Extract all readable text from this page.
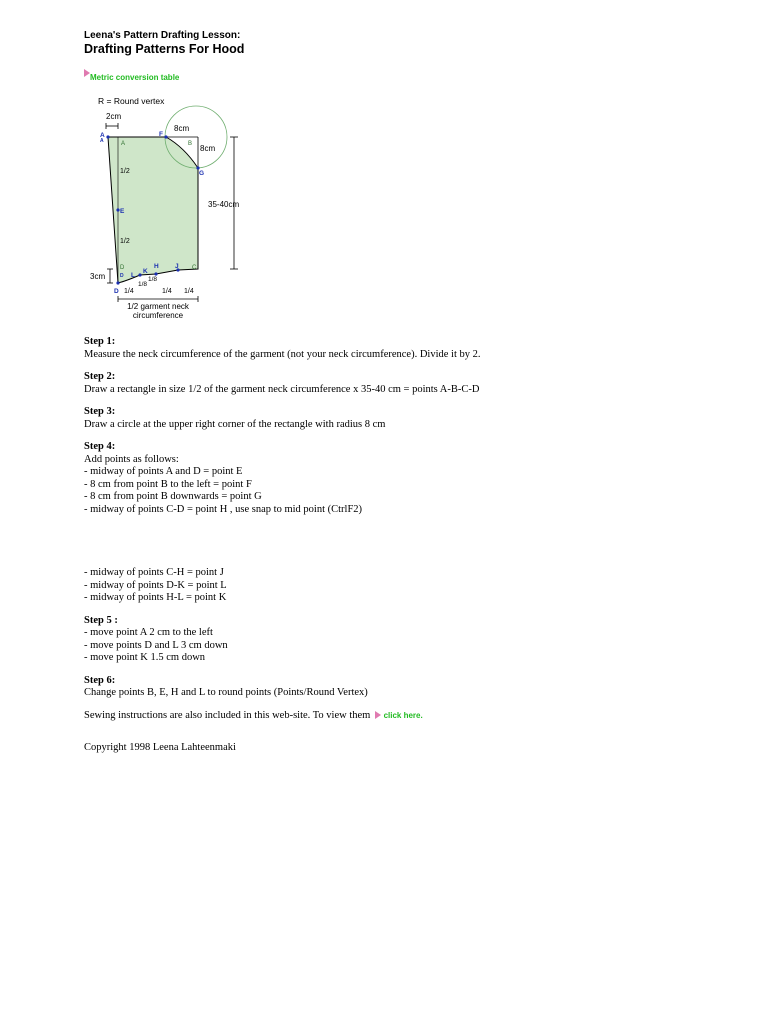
Leena's Pattern Drafting Lesson:

Drafting Patterns For Hood

Metric conversion table
R = Round vertex
2cm
8cm
8cm
35-40cm
3cm
1/2
1/2
1/4	1/4 1/4
1/8
1/8
A
A
F
G
E
J
H
K
L
D
D
A	B
D	C
1/2 garment neck
circumference
Step 1:
Measure the neck circumference of the garment (not your neck circumference). Divide it by 2.
Step 2:
Draw a rectangle in size 1/2 of the garment neck circumference x 35-40 cm = points A-B-C-D
Step 3:
Draw a circle at the upper right corner of the rectangle with radius 8 cm
Step 4:
Add points as follows:
- midway of points A and D = point E
- 8 cm from point B to the left = point F
- 8 cm from point B downwards = point G
- midway of points C-D = point H , use snap to mid point (CtrlF2)
- midway of points C-H = point J
- midway of points D-K = point L
- midway of points H-L = point K
Step 5 :
- move point A 2 cm to the left
- move points D and L 3 cm down
- move point K 1.5 cm down
Step 6:
Change points B, E, H and L to round points (Points/Round Vertex)
Sewing instructions are also included in this web-site. To view them click here.
Copyright 1998 Leena Lahteenmaki
